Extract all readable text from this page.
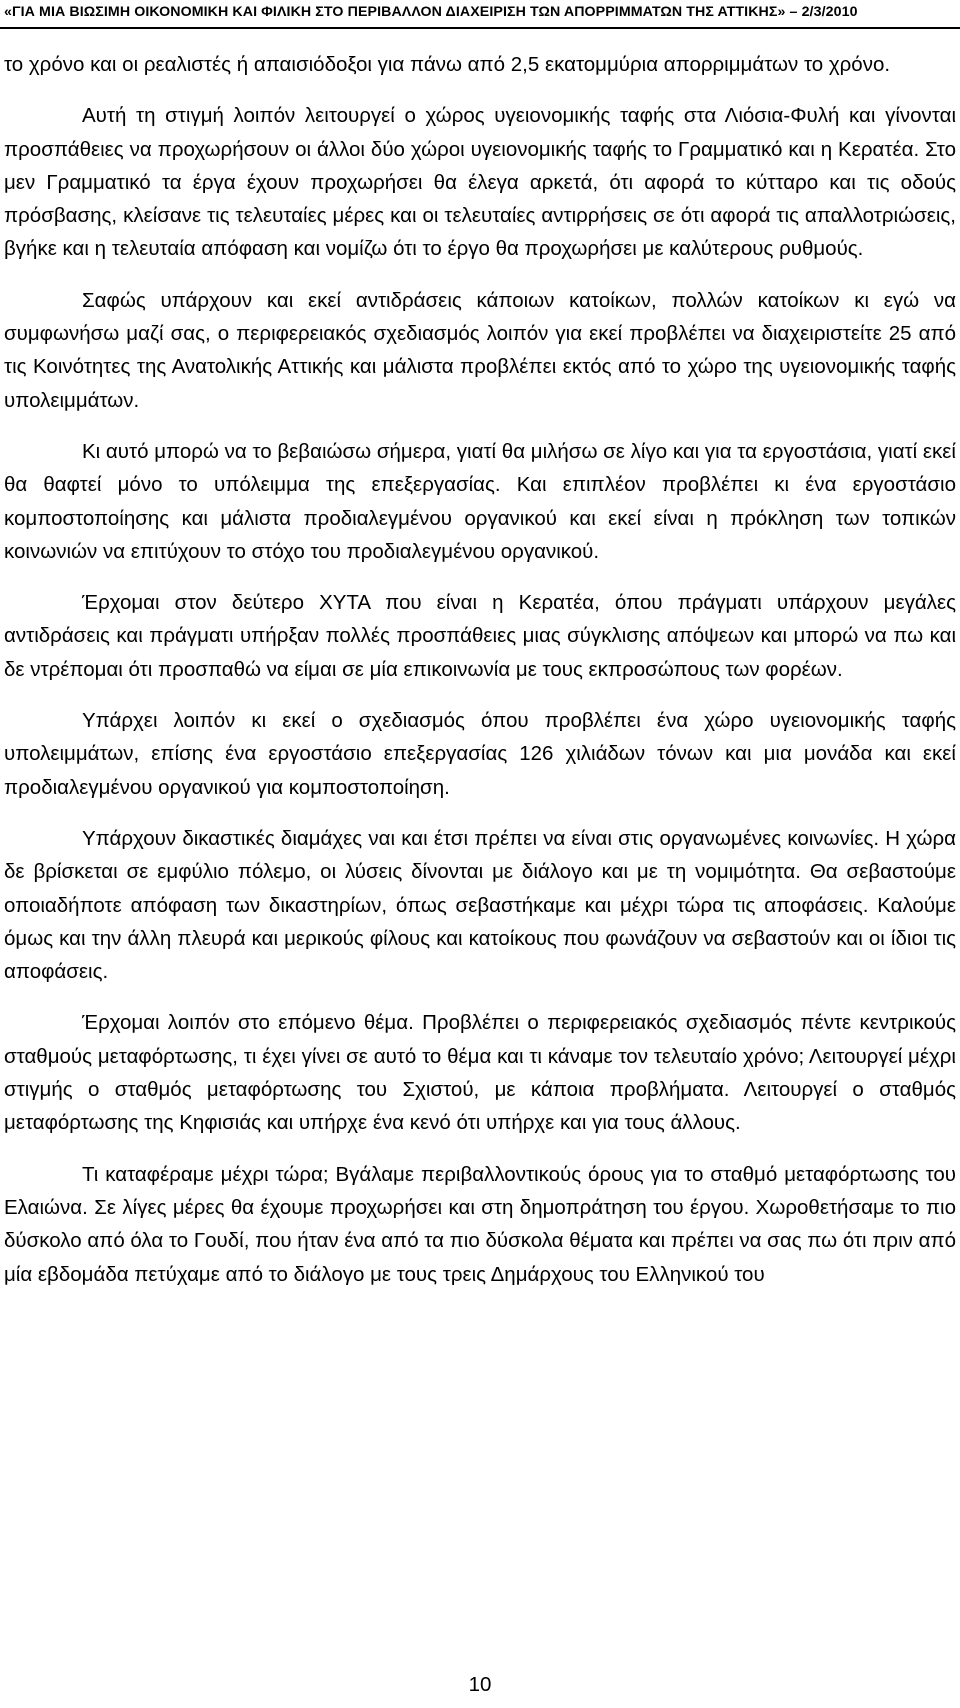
«ΓΙΑ ΜΙΑ ΒΙΩΣΙΜΗ ΟΙΚΟΝΟΜΙΚΗ ΚΑΙ ΦΙΛΙΚΗ ΣΤΟ ΠΕΡΙΒΑΛΛΟΝ ΔΙΑΧΕΙΡΙΣΗ ΤΩΝ ΑΠΟΡΡΙΜΜΑΤΩΝ ΤΗΣ ΑΤΤΙΚΗΣ» – 2/3/2010

το χρόνο και οι ρεαλιστές ή απαισιόδοξοι για πάνω από 2,5 εκατομμύρια απορριμμάτων το χρόνο.

Αυτή τη στιγμή λοιπόν λειτουργεί ο χώρος υγειονομικής ταφής στα Λιόσια-Φυλή και γίνονται προσπάθειες να προχωρήσουν οι άλλοι δύο χώροι υγειονομικής ταφής το Γραμματικό και η Κερατέα. Στο μεν Γραμματικό τα έργα έχουν προχωρήσει θα έλεγα αρκετά, ότι αφορά το κύτταρο και τις οδούς πρόσβασης, κλείσανε τις τελευταίες μέρες και οι τελευταίες αντιρρήσεις σε ότι αφορά τις απαλλοτριώσεις, βγήκε και η τελευταία απόφαση και νομίζω ότι το έργο θα προχωρήσει με καλύτερους ρυθμούς.

Σαφώς υπάρχουν και εκεί αντιδράσεις κάποιων κατοίκων, πολλών κατοίκων κι εγώ να συμφωνήσω μαζί σας, ο περιφερειακός σχεδιασμός λοιπόν για εκεί προβλέπει να διαχειριστείτε 25 από τις Κοινότητες της Ανατολικής Αττικής και μάλιστα προβλέπει εκτός από το χώρο της υγειονομικής ταφής υπολειμμάτων.

Κι αυτό μπορώ να το βεβαιώσω σήμερα, γιατί θα μιλήσω σε λίγο και για τα εργοστάσια, γιατί εκεί θα θαφτεί μόνο το υπόλειμμα της επεξεργασίας. Και επιπλέον προβλέπει κι ένα εργοστάσιο κομποστοποίησης και μάλιστα προδιαλεγμένου οργανικού και εκεί είναι η πρόκληση των τοπικών κοινωνιών να επιτύχουν το στόχο του προδιαλεγμένου οργανικού.

Έρχομαι στον δεύτερο ΧΥΤΑ που είναι η Κερατέα, όπου πράγματι υπάρχουν μεγάλες αντιδράσεις και πράγματι υπήρξαν πολλές προσπάθειες μιας σύγκλισης απόψεων και μπορώ να πω και δε ντρέπομαι ότι προσπαθώ να είμαι σε μία επικοινωνία με τους εκπροσώπους των φορέων.

Υπάρχει λοιπόν κι εκεί ο σχεδιασμός όπου προβλέπει ένα χώρο υγειονομικής ταφής υπολειμμάτων, επίσης ένα εργοστάσιο επεξεργασίας 126 χιλιάδων τόνων και μια μονάδα και εκεί προδιαλεγμένου οργανικού για κομποστοποίηση.

Υπάρχουν δικαστικές διαμάχες ναι και έτσι πρέπει να είναι στις οργανωμένες κοινωνίες. Η χώρα δε βρίσκεται σε εμφύλιο πόλεμο, οι λύσεις δίνονται με διάλογο και με τη νομιμότητα. Θα σεβαστούμε οποιαδήποτε απόφαση των δικαστηρίων, όπως σεβαστήκαμε και μέχρι τώρα τις αποφάσεις. Καλούμε όμως και την άλλη πλευρά και μερικούς φίλους και κατοίκους που φωνάζουν να σεβαστούν και οι ίδιοι τις αποφάσεις.

Έρχομαι λοιπόν στο επόμενο θέμα. Προβλέπει ο περιφερειακός σχεδιασμός πέντε κεντρικούς σταθμούς μεταφόρτωσης, τι έχει γίνει σε αυτό το θέμα και τι κάναμε τον τελευταίο χρόνο; Λειτουργεί μέχρι στιγμής ο σταθμός μεταφόρτωσης του Σχιστού, με κάποια προβλήματα. Λειτουργεί ο σταθμός μεταφόρτωσης της Κηφισιάς και υπήρχε ένα κενό ότι υπήρχε και για τους άλλους.

Τι καταφέραμε μέχρι τώρα; Βγάλαμε περιβαλλοντικούς όρους για το σταθμό μεταφόρτωσης του Ελαιώνα. Σε λίγες μέρες θα έχουμε προχωρήσει και στη δημοπράτηση του έργου. Χωροθετήσαμε το πιο δύσκολο από όλα το Γουδί, που ήταν ένα από τα πιο δύσκολα θέματα και πρέπει να σας πω ότι πριν από μία εβδομάδα πετύχαμε από το διάλογο με τους τρεις Δημάρχους του Ελληνικού του

10
